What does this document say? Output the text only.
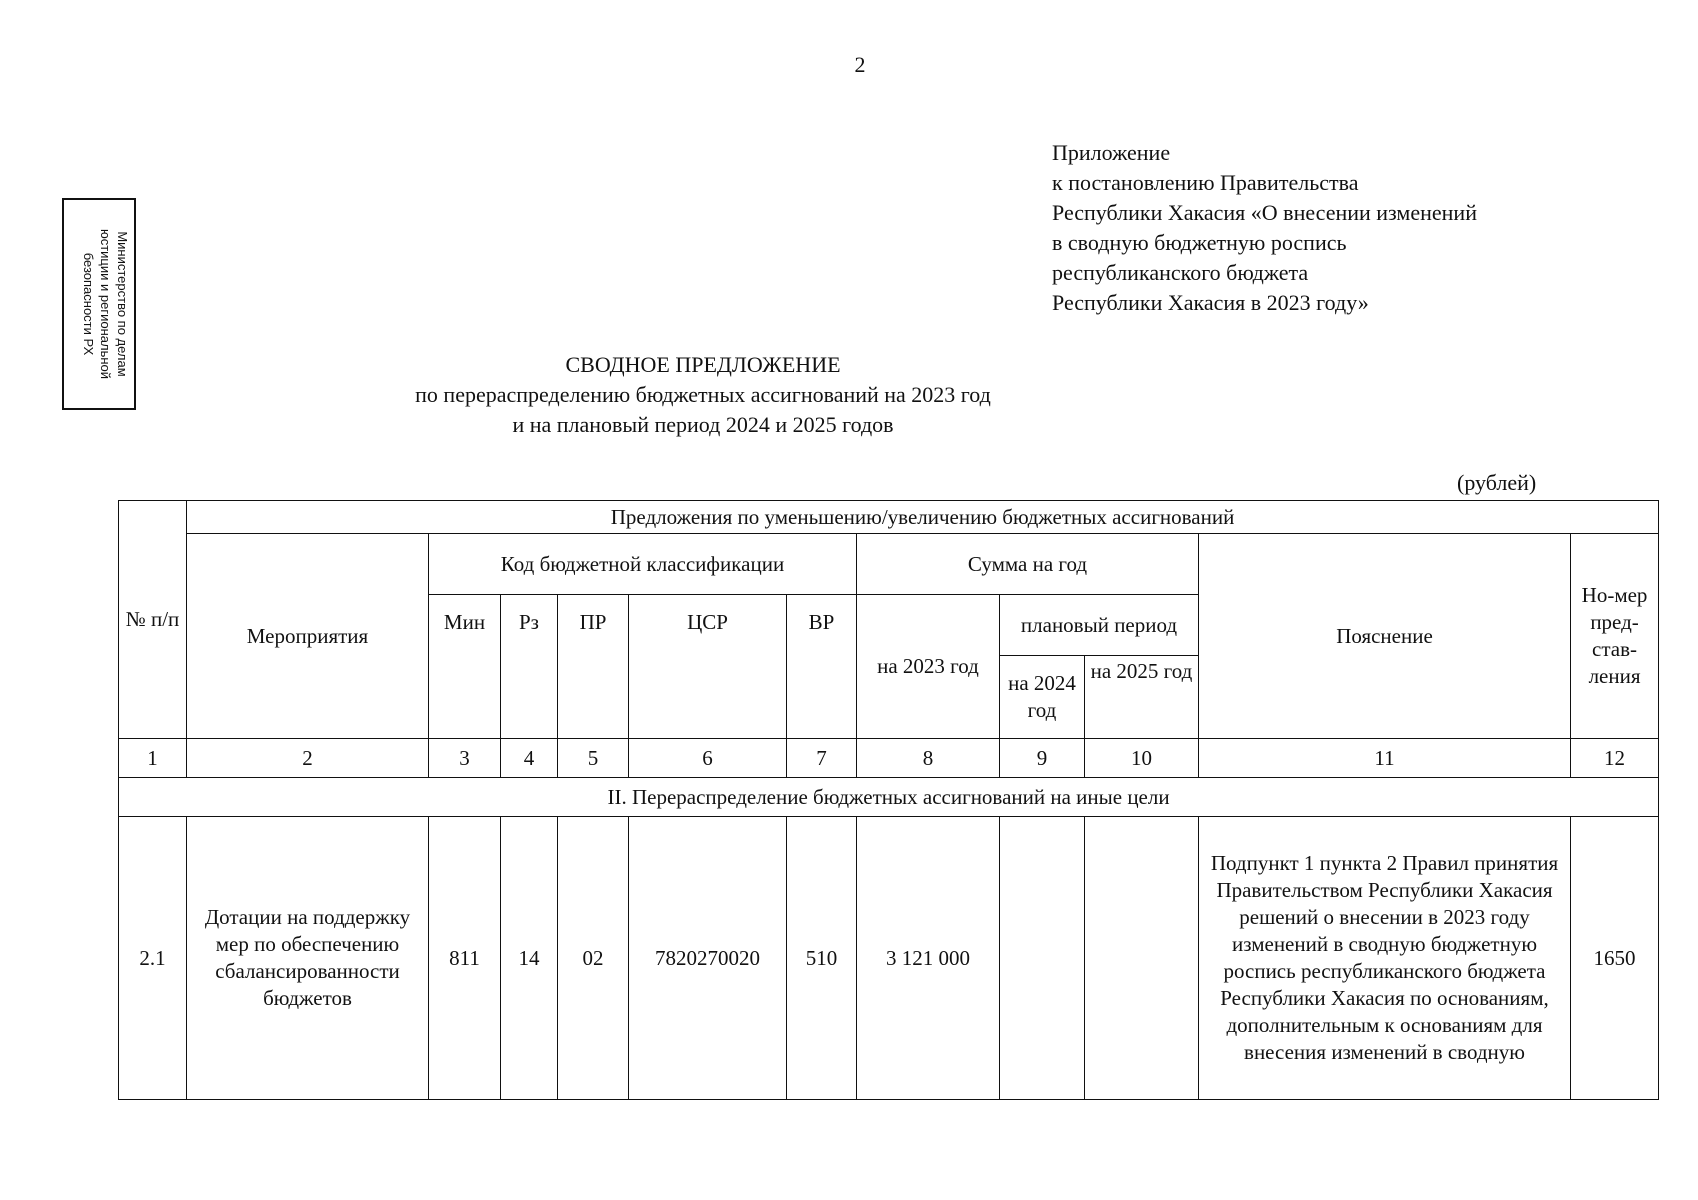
2
Министерство по делам
юстиции и региональной
безопасности РХ
Приложение
к постановлению Правительства
Республики Хакасия «О внесении изменений
в сводную бюджетную роспись
республиканского бюджета
Республики Хакасия в 2023 году»
СВОДНОЕ ПРЕДЛОЖЕНИЕ
по перераспределению бюджетных ассигнований на 2023 год
и на плановый период 2024 и 2025 годов
(рублей)
№ п/п	Предложения по уменьшению/увеличению бюджетных ассигнований										
	Мероприятия	Код бюджетной классификации					Сумма на год			Пояснение	Но-мер пред-став-ления
		Мин	Рз	ПР	ЦСР	ВР	на 2023 год	плановый период			
								на 2024 год	на 2025 год		
1	2	3	4	5	6	7	8	9	10	11	12
II. Перераспределение бюджетных ассигнований на иные цели											
2.1	Дотации на поддержку мер по обеспечению сбалансированности бюджетов	811	14	02	7820270020	510	3 121 000			Подпункт 1 пункта 2 Правил принятия Правительством Республики Хакасия решений о внесении в 2023 году изменений в сводную бюджетную роспись республиканского бюджета Республики Хакасия по основаниям, дополнительным к основаниям для внесения изменений в сводную	1650
